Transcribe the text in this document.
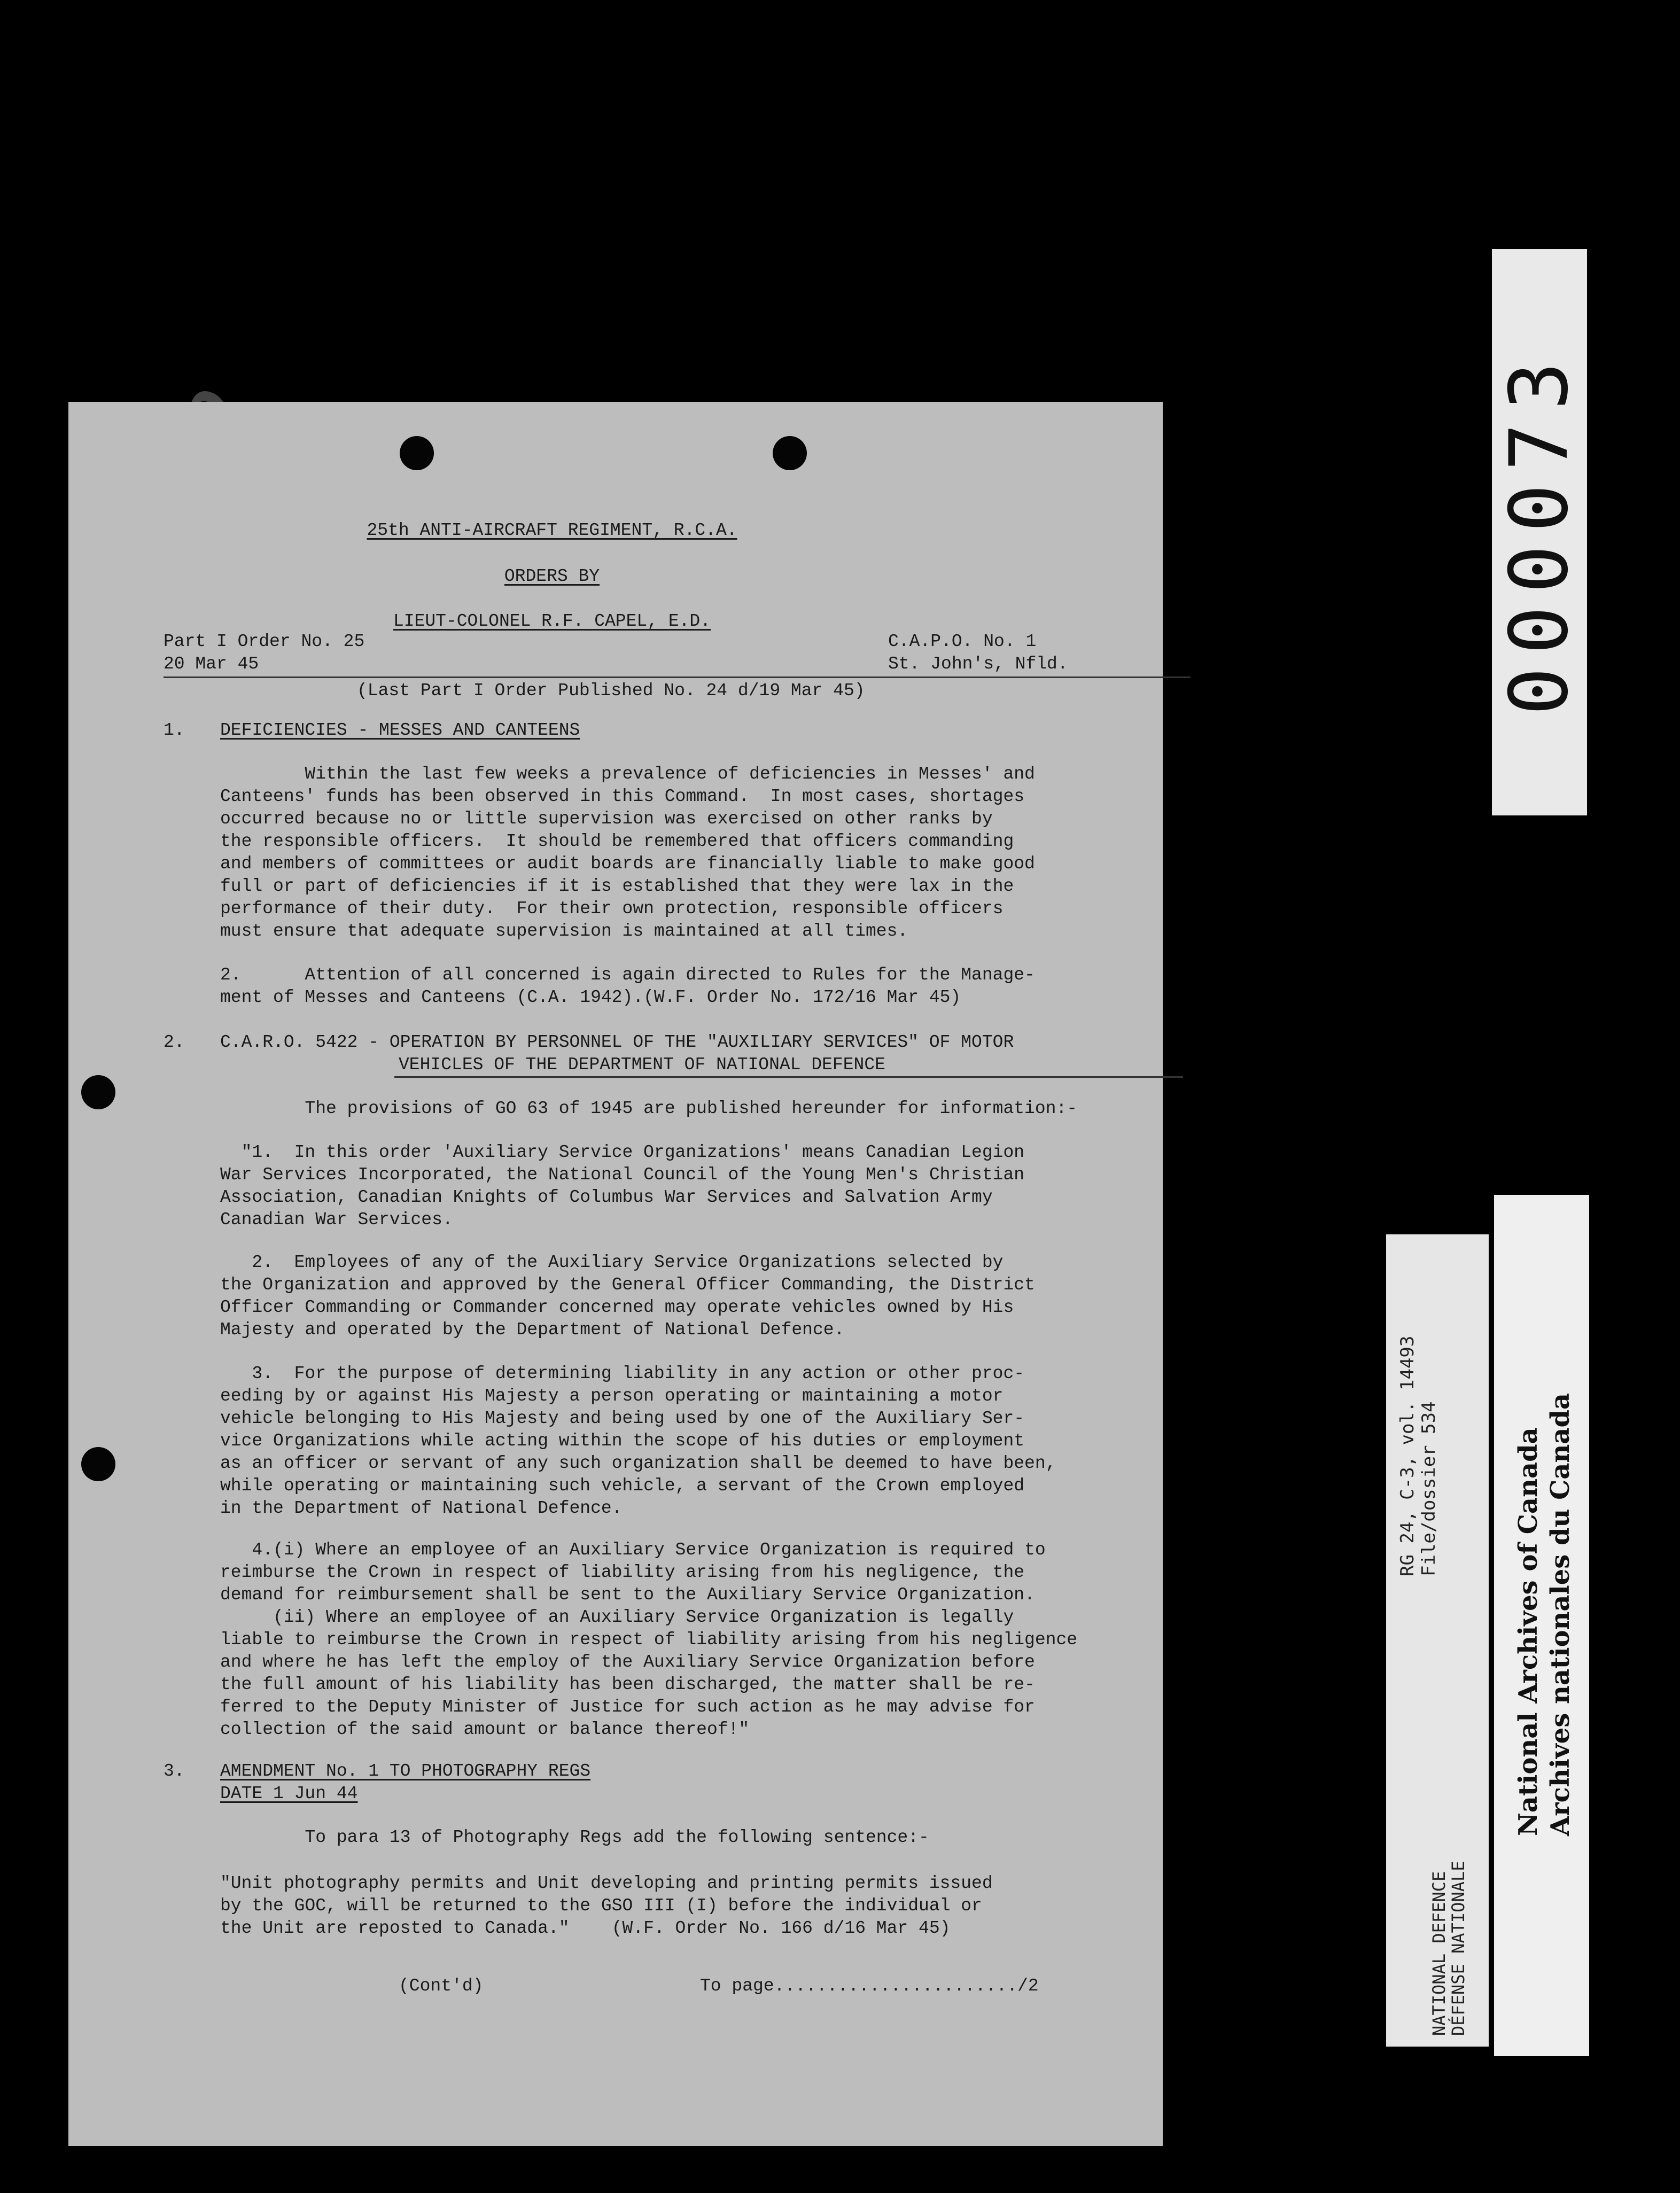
25th ANTI-AIRCRAFT REGIMENT, R.C.A.
ORDERS BY
LIEUT-COLONEL R.F. CAPEL, E.D.
Part I Order No. 25
20 Mar 45
C.A.P.O. No. 1
St. John's, Nfld.
(Last Part I Order Published No. 24 d/19 Mar 45)
1. DEFICIENCIES - MESSES AND CANTEENS
Within the last few weeks a prevalence of deficiencies in Messes' and
Canteens' funds has been observed in this Command.  In most cases, shortages
occurred because no or little supervision was exercised on other ranks by
the responsible officers.  It should be remembered that officers commanding
and members of committees or audit boards are financially liable to make good
full or part of deficiencies if it is established that they were lax in the
performance of their duty.  For their own protection, responsible officers
must ensure that adequate supervision is maintained at all times.
2.      Attention of all concerned is again directed to Rules for the Manage-
ment of Messes and Canteens (C.A. 1942).(W.F. Order No. 172/16 Mar 45)
2. C.A.R.O. 5422 - OPERATION BY PERSONNEL OF THE "AUXILIARY SERVICES" OF MOTOR
VEHICLES OF THE DEPARTMENT OF NATIONAL DEFENCE
The provisions of GO 63 of 1945 are published hereunder for information:-
"1.  In this order 'Auxiliary Service Organizations' means Canadian Legion
War Services Incorporated, the National Council of the Young Men's Christian
Association, Canadian Knights of Columbus War Services and Salvation Army
Canadian War Services.
2.  Employees of any of the Auxiliary Service Organizations selected by
the Organization and approved by the General Officer Commanding, the District
Officer Commanding or Commander concerned may operate vehicles owned by His
Majesty and operated by the Department of National Defence.
3.  For the purpose of determining liability in any action or other proc-
eeding by or against His Majesty a person operating or maintaining a motor
vehicle belonging to His Majesty and being used by one of the Auxiliary Ser-
vice Organizations while acting within the scope of his duties or employment
as an officer or servant of any such organization shall be deemed to have been,
while operating or maintaining such vehicle, a servant of the Crown employed
in the Department of National Defence.
4.(i) Where an employee of an Auxiliary Service Organization is required to
reimburse the Crown in respect of liability arising from his negligence, the
demand for reimbursement shall be sent to the Auxiliary Service Organization.
(ii) Where an employee of an Auxiliary Service Organization is legally
liable to reimburse the Crown in respect of liability arising from his negligence
and where he has left the employ of the Auxiliary Service Organization before
the full amount of his liability has been discharged, the matter shall be re-
ferred to the Deputy Minister of Justice for such action as he may advise for
collection of the said amount or balance thereof!"
3. AMENDMENT No. 1 TO PHOTOGRAPHY REGS
DATE 1 Jun 44
To para 13 of Photography Regs add the following sentence:-
"Unit photography permits and Unit developing and printing permits issued
by the GOC, will be returned to the GSO III (I) before the individual or
the Unit are reposted to Canada."    (W.F. Order No. 166 d/16 Mar 45)
(Cont'd)	To page......................./2
000073
RG 24, C-3, vol. 14493 File/dossier 534
NATIONAL DEFENCE
DÉFENSE NATIONALE
National Archives of Canada Archives nationales du Canada
